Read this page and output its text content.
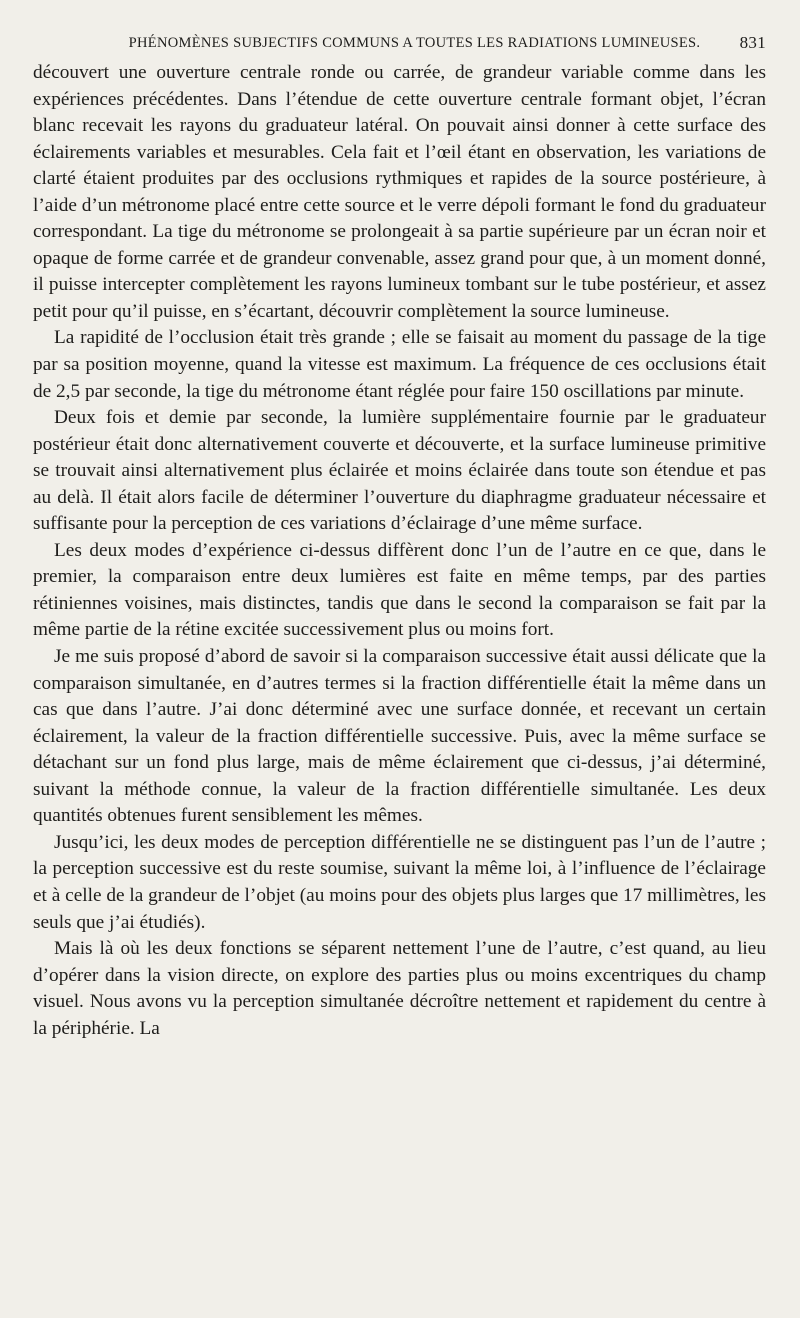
PHÉNOMÈNES SUBJECTIFS COMMUNS A TOUTES LES RADIATIONS LUMINEUSES. 831

découvert une ouverture centrale ronde ou carrée, de grandeur variable comme dans les expériences précédentes. Dans l’étendue de cette ouverture centrale formant objet, l’écran blanc recevait les rayons du graduateur latéral. On pouvait ainsi donner à cette surface des éclairements variables et mesurables. Cela fait et l’œil étant en observation, les variations de clarté étaient produites par des occlusions rythmiques et rapides de la source postérieure, à l’aide d’un métronome placé entre cette source et le verre dépoli formant le fond du graduateur correspondant. La tige du métronome se prolongeait à sa partie supérieure par un écran noir et opaque de forme carrée et de grandeur convenable, assez grand pour que, à un moment donné, il puisse intercepter complètement les rayons lumineux tombant sur le tube postérieur, et assez petit pour qu’il puisse, en s’écartant, découvrir complètement la source lumineuse.

La rapidité de l’occlusion était très grande ; elle se faisait au moment du passage de la tige par sa position moyenne, quand la vitesse est maximum. La fréquence de ces occlusions était de 2,5 par seconde, la tige du métronome étant réglée pour faire 150 oscillations par minute.

Deux fois et demie par seconde, la lumière supplémentaire fournie par le graduateur postérieur était donc alternativement couverte et découverte, et la surface lumineuse primitive se trouvait ainsi alternativement plus éclairée et moins éclairée dans toute son étendue et pas au delà. Il était alors facile de déterminer l’ouverture du diaphragme graduateur nécessaire et suffisante pour la perception de ces variations d’éclairage d’une même surface.

Les deux modes d’expérience ci-dessus diffèrent donc l’un de l’autre en ce que, dans le premier, la comparaison entre deux lumières est faite en même temps, par des parties rétiniennes voisines, mais distinctes, tandis que dans le second la comparaison se fait par la même partie de la rétine excitée successivement plus ou moins fort.

Je me suis proposé d’abord de savoir si la comparaison successive était aussi délicate que la comparaison simultanée, en d’autres termes si la fraction différentielle était la même dans un cas que dans l’autre. J’ai donc déterminé avec une surface donnée, et recevant un certain éclairement, la valeur de la fraction différentielle successive. Puis, avec la même surface se détachant sur un fond plus large, mais de même éclairement que ci-dessus, j’ai déterminé, suivant la méthode connue, la valeur de la fraction différentielle simultanée. Les deux quantités obtenues furent sensiblement les mêmes.

Jusqu’ici, les deux modes de perception différentielle ne se distinguent pas l’un de l’autre ; la perception successive est du reste soumise, suivant la même loi, à l’influence de l’éclairage et à celle de la grandeur de l’objet (au moins pour des objets plus larges que 17 millimètres, les seuls que j’ai étudiés).

Mais là où les deux fonctions se séparent nettement l’une de l’autre, c’est quand, au lieu d’opérer dans la vision directe, on explore des parties plus ou moins excentriques du champ visuel. Nous avons vu la perception simultanée décroître nettement et rapidement du centre à la périphérie. La
